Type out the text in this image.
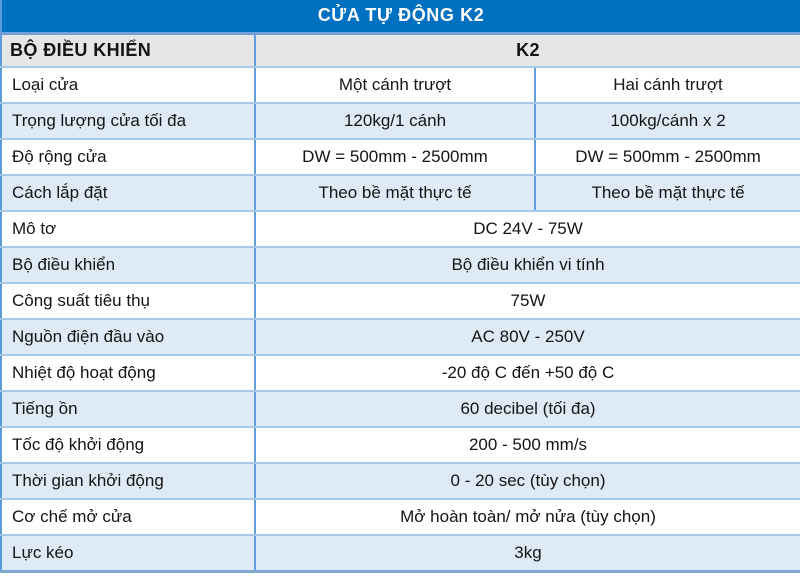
CỬA TỰ ĐỘNG K2		
BỘ ĐIỀU KHIỂN	K2	
Loại cửa	Một cánh trượt	Hai cánh trượt
Trọng lượng cửa tối đa	120kg/1 cánh	100kg/cánh x 2
Độ rộng cửa	DW = 500mm - 2500mm	DW = 500mm - 2500mm
Cách lắp đặt	Theo bề mặt thực tế	Theo bề mặt thực tế
Mô tơ	DC 24V - 75W	
Bộ điều khiển	Bộ điều khiển vi tính	
Công suất tiêu thụ	75W	
Nguồn điện đầu vào	AC 80V - 250V	
Nhiệt độ hoạt động	-20 độ C đến +50 độ C	
Tiếng ồn	60 decibel (tối đa)	
Tốc độ khởi động	200 - 500 mm/s	
Thời gian khởi động	0 - 20 sec (tùy chọn)	
Cơ chế mở cửa	Mở hoàn toàn/ mở nửa (tùy chọn)	
Lực kéo	3kg	
